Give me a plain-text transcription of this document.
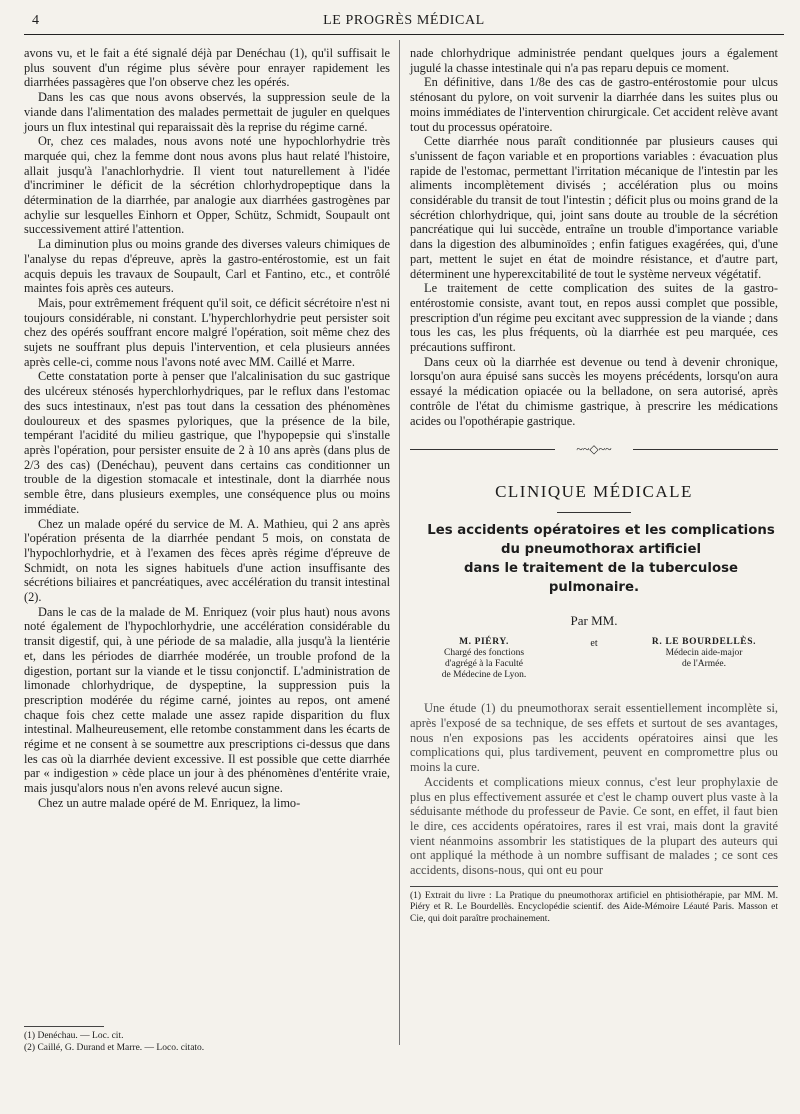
4	LE PROGRÈS MÉDICAL

avons vu, et le fait a été signalé déjà par Denéchau (1), qu'il suffisait le plus souvent d'un régime plus sévère pour enrayer rapidement les diarrhées passagères que l'on observe chez les opérés.

Dans les cas que nous avons observés, la suppression seule de la viande dans l'alimentation des malades permettait de juguler en quelques jours un flux intestinal qui reparaissait dès la reprise du régime carné.

Or, chez ces malades, nous avons noté une hypochlorhydrie très marquée qui, chez la femme dont nous avons plus haut relaté l'histoire, allait jusqu'à l'anachlorhydrie. Il vient tout naturellement à l'idée d'incriminer le déficit de la sécrétion chlorhydropeptique dans la détermination de la diarrhée, par analogie aux diarrhées gastrogènes par achylie sur lesquelles Einhorn et Opper, Schütz, Schmidt, Soupault ont successivement attiré l'attention.

La diminution plus ou moins grande des diverses valeurs chimiques de l'analyse du repas d'épreuve, après la gastro-entérostomie, est un fait acquis depuis les travaux de Soupault, Carl et Fantino, etc., et contrôlé maintes fois après ces auteurs.

Mais, pour extrêmement fréquent qu'il soit, ce déficit sécrétoire n'est ni toujours considérable, ni constant. L'hyperchlorhydrie peut persister soit chez des opérés souffrant encore malgré l'opération, soit même chez des sujets ne souffrant plus depuis l'intervention, et cela plusieurs années après celle-ci, comme nous l'avons noté avec MM. Caillé et Marre.

Cette constatation porte à penser que l'alcalinisation du suc gastrique des ulcéreux sténosés hyperchlorhydriques, par le reflux dans l'estomac des sucs intestinaux, n'est pas tout dans la cessation des phénomènes douloureux et des spasmes pyloriques, que la présence de la bile, tempérant l'acidité du milieu gastrique, que l'hypopepsie qui s'installe après l'opération, pour persister ensuite de 2 à 10 ans après (dans plus de 2/3 des cas) (Denéchau), peuvent dans certains cas conditionner un trouble de la digestion stomacale et intestinale, dont la diarrhée nous semble être, dans plusieurs exemples, une conséquence plus ou moins immédiate.

Chez un malade opéré du service de M. A. Mathieu, qui 2 ans après l'opération présenta de la diarrhée pendant 5 mois, on constata de l'hypochlorhydrie, et à l'examen des fèces après régime d'épreuve de Schmidt, on nota les signes habituels d'une action insuffisante des sécrétions biliaires et pancréatiques, avec accélération du transit intestinal (2).

Dans le cas de la malade de M. Enriquez (voir plus haut) nous avons noté également de l'hypochlorhydrie, une accélération considérable du transit digestif, qui, à une période de sa maladie, alla jusqu'à la lientérie et, dans les périodes de diarrhée modérée, un trouble profond de la digestion, portant sur la viande et le tissu conjonctif. L'administration de limonade chlorhydrique, de dyspeptine, la suppression puis la prescription modérée du régime carné, jointes au repos, ont amené chaque fois chez cette malade une assez rapide disparition du flux intestinal. Malheureusement, elle retombe constamment dans les écarts de régime et ne consent à se soumettre aux prescriptions ci-dessus que dans les cas où la diarrhée devient excessive. Il est possible que cette diarrhée par « indigestion » cède place un jour à des phénomènes d'entérite vraie, mais jusqu'alors nous n'en avons relevé aucun signe.

Chez un autre malade opéré de M. Enriquez, la limo-

(1) Denéchau. — Loc. cit.

(2) Caillé, G. Durand et Marre. — Loco. citato.

nade chlorhydrique administrée pendant quelques jours a également jugulé la chasse intestinale qui n'a pas reparu depuis ce moment.

En définitive, dans 1/8e des cas de gastro-entérostomie pour ulcus sténosant du pylore, on voit survenir la diarrhée dans les suites plus ou moins immédiates de l'intervention chirurgicale. Cet accident relève avant tout du processus opératoire.

Cette diarrhée nous paraît conditionnée par plusieurs causes qui s'unissent de façon variable et en proportions variables : évacuation plus rapide de l'estomac, permettant l'irritation mécanique de l'intestin par les aliments incomplètement divisés ; accélération plus ou moins considérable du transit de tout l'intestin ; déficit plus ou moins grand de la sécrétion chlorhydrique, qui, joint sans doute au trouble de la sécrétion pancréatique qui lui succède, entraîne un trouble d'importance variable dans la digestion des albuminoïdes ; enfin fatigues exagérées, qui, d'une part, mettent le sujet en état de moindre résistance, et d'autre part, déterminent une hyperexcitabilité de tout le système nerveux végétatif.

Le traitement de cette complication des suites de la gastro-entérostomie consiste, avant tout, en repos aussi complet que possible, prescription d'un régime peu excitant avec suppression de la viande ; dans tous les cas, les plus fréquents, où la diarrhée est peu marquée, ces précautions suffiront.

Dans ceux où la diarrhée est devenue ou tend à devenir chronique, lorsqu'on aura épuisé sans succès les moyens précédents, lorsqu'on aura essayé la médication opiacée ou la belladone, on sera autorisé, après contrôle de l'état du chimisme gastrique, à prescrire les médications acides ou l'opothérapie gastrique.

~~◇~~
CLINIQUE MÉDICALE

Les accidents opératoires et les complications

du pneumothorax artificiel

dans le traitement de la tuberculose pulmonaire.

Par MM.
M. PIÉRY.
Chargé des fonctions
d'agrégé à la Faculté
de Médecine de Lyon.
et	R. LE BOURDELLÈS.
Médecin aide-major
de l'Armée.

Une étude (1) du pneumothorax serait essentiellement incomplète si, après l'exposé de sa technique, de ses effets et surtout de ses avantages, nous n'en exposions pas les accidents opératoires ainsi que les complications qui, plus tardivement, peuvent en compromettre plus ou moins la cure.

Accidents et complications mieux connus, c'est leur prophylaxie de plus en plus effectivement assurée et c'est le champ ouvert plus vaste à la séduisante méthode du professeur de Pavie. Ce sont, en effet, il faut bien le dire, ces accidents opératoires, rares il est vrai, mais dont la gravité vient néanmoins assombrir les statistiques de la plupart des auteurs qui ont appliqué la méthode à un nombre suffisant de malades ; ce sont ces accidents, disons-nous, qui ont eu pour

(1) Extrait du livre : La Pratique du pneumothorax artificiel en phtisiothérapie, par MM. M. Piéry et R. Le Bourdellès. Encyclopédie scientif. des Aide-Mémoire Léauté Paris. Masson et Cie, qui doit paraître prochainement.
